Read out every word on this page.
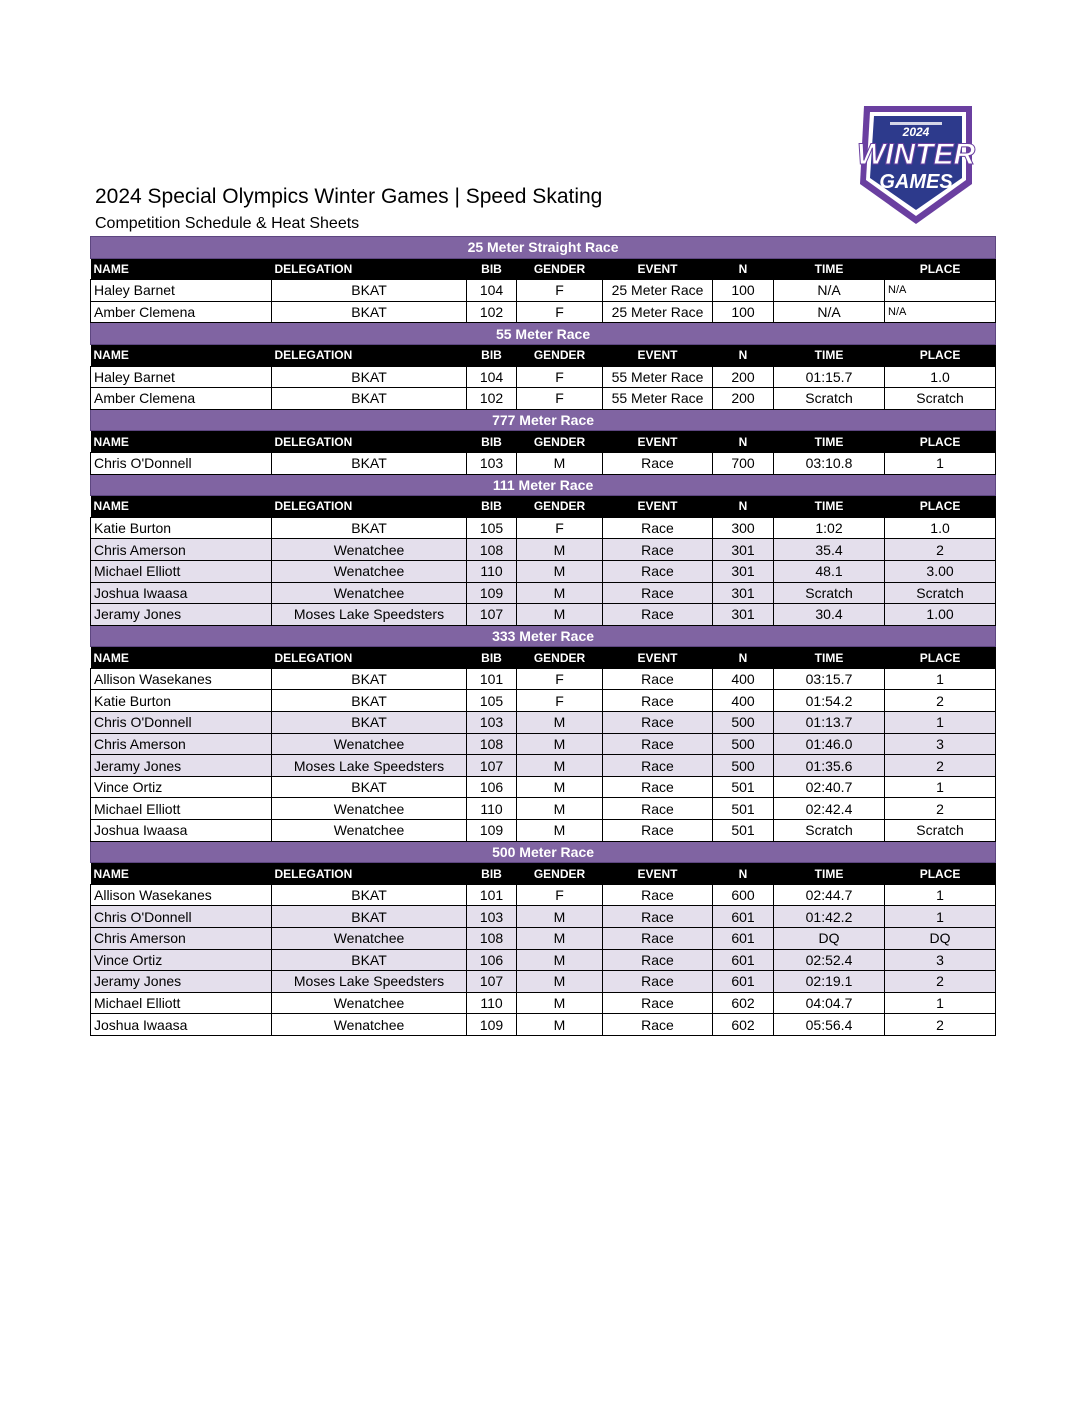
2024 Special Olympics Winter Games | Speed Skating
Competition Schedule & Heat Sheets
2024
WINTER
GAMES
25 Meter Straight Race							
NAME	DELEGATION	BIB	GENDER	EVENT	N	TIME	PLACE
Haley Barnet	BKAT	104	F	25 Meter Race	100	N/A	N/A
Amber Clemena	BKAT	102	F	25 Meter Race	100	N/A	N/A
55 Meter Race							
NAME	DELEGATION	BIB	GENDER	EVENT	N	TIME	PLACE
Haley Barnet	BKAT	104	F	55 Meter Race	200	01:15.7	1.0
Amber Clemena	BKAT	102	F	55 Meter Race	200	Scratch	Scratch
777 Meter Race							
NAME	DELEGATION	BIB	GENDER	EVENT	N	TIME	PLACE
Chris O'Donnell	BKAT	103	M	Race	700	03:10.8	1
111 Meter Race							
NAME	DELEGATION	BIB	GENDER	EVENT	N	TIME	PLACE
Katie Burton	BKAT	105	F	Race	300	1:02	1.0
Chris Amerson	Wenatchee	108	M	Race	301	35.4	2
Michael Elliott	Wenatchee	110	M	Race	301	48.1	3.00
Joshua Iwaasa	Wenatchee	109	M	Race	301	Scratch	Scratch
Jeramy Jones	Moses Lake Speedsters	107	M	Race	301	30.4	1.00
333 Meter Race							
NAME	DELEGATION	BIB	GENDER	EVENT	N	TIME	PLACE
Allison Wasekanes	BKAT	101	F	Race	400	03:15.7	1
Katie Burton	BKAT	105	F	Race	400	01:54.2	2
Chris O'Donnell	BKAT	103	M	Race	500	01:13.7	1
Chris Amerson	Wenatchee	108	M	Race	500	01:46.0	3
Jeramy Jones	Moses Lake Speedsters	107	M	Race	500	01:35.6	2
Vince Ortiz	BKAT	106	M	Race	501	02:40.7	1
Michael Elliott	Wenatchee	110	M	Race	501	02:42.4	2
Joshua Iwaasa	Wenatchee	109	M	Race	501	Scratch	Scratch
500 Meter Race							
NAME	DELEGATION	BIB	GENDER	EVENT	N	TIME	PLACE
Allison Wasekanes	BKAT	101	F	Race	600	02:44.7	1
Chris O'Donnell	BKAT	103	M	Race	601	01:42.2	1
Chris Amerson	Wenatchee	108	M	Race	601	DQ	DQ
Vince Ortiz	BKAT	106	M	Race	601	02:52.4	3
Jeramy Jones	Moses Lake Speedsters	107	M	Race	601	02:19.1	2
Michael Elliott	Wenatchee	110	M	Race	602	04:04.7	1
Joshua Iwaasa	Wenatchee	109	M	Race	602	05:56.4	2
